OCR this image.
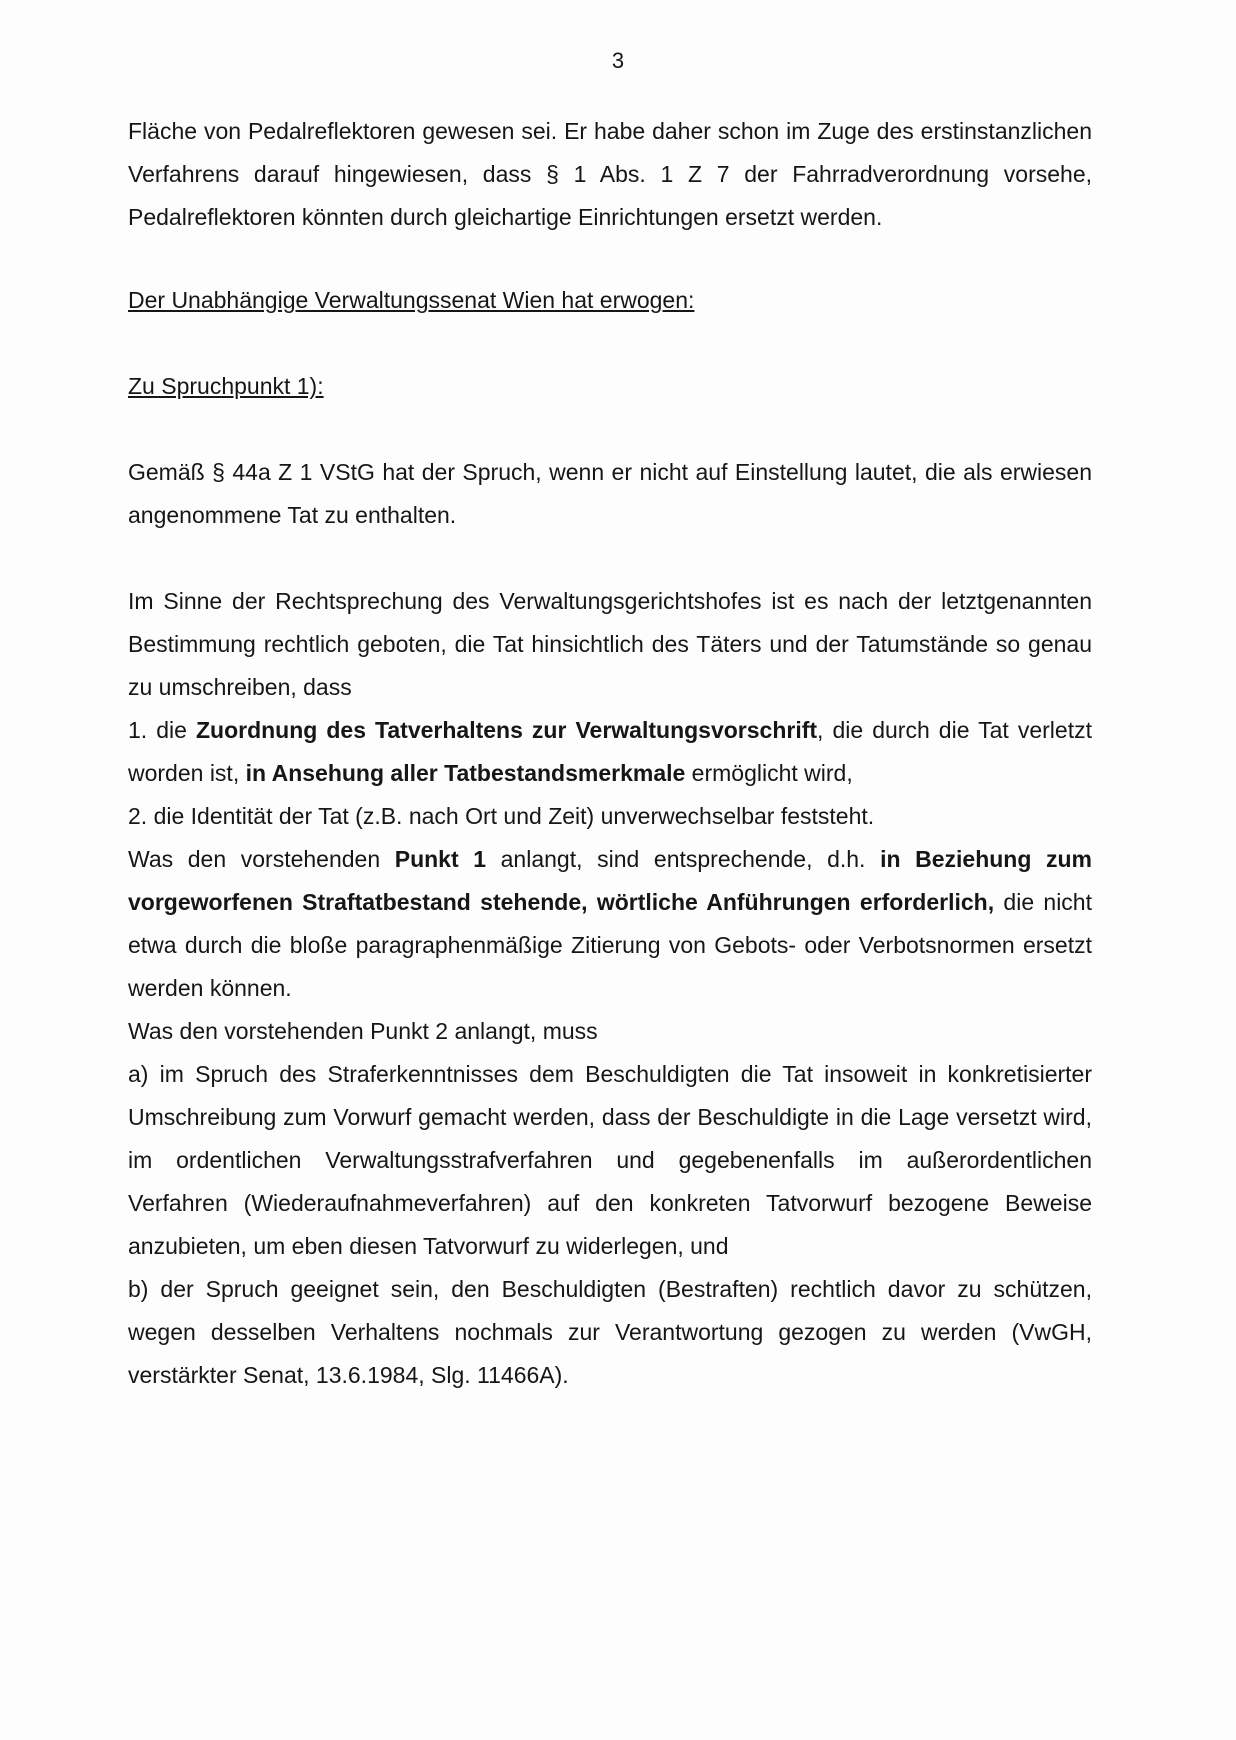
3

Fläche von Pedalreflektoren gewesen sei. Er habe daher schon im Zuge des erstinstanzlichen Verfahrens darauf hingewiesen, dass § 1 Abs. 1 Z 7 der Fahrradverordnung vorsehe, Pedalreflektoren könnten durch gleichartige Einrichtungen ersetzt werden.

Der Unabhängige Verwaltungssenat Wien hat erwogen:

Zu Spruchpunkt 1):

Gemäß § 44a Z 1 VStG hat der Spruch, wenn er nicht auf Einstellung lautet, die als erwiesen angenommene Tat zu enthalten.

Im Sinne der Rechtsprechung des Verwaltungsgerichtshofes ist es nach der letztgenannten Bestimmung rechtlich geboten, die Tat hinsichtlich des Täters und der Tatumstände so genau zu umschreiben, dass

1. die Zuordnung des Tatverhaltens zur Verwaltungsvorschrift, die durch die Tat verletzt worden ist, in Ansehung aller Tatbestandsmerkmale ermöglicht wird,

2. die Identität der Tat (z.B. nach Ort und Zeit) unverwechselbar feststeht.

Was den vorstehenden Punkt 1 anlangt, sind entsprechende, d.h. in Beziehung zum vorgeworfenen Straftatbestand stehende, wörtliche Anführungen erforderlich, die nicht etwa durch die bloße paragraphenmäßige Zitierung von Gebots- oder Verbotsnormen ersetzt werden können.

Was den vorstehenden Punkt 2 anlangt, muss

a) im Spruch des Straferkenntnisses dem Beschuldigten die Tat insoweit in konkretisierter Umschreibung zum Vorwurf gemacht werden, dass der Beschuldigte in die Lage versetzt wird, im ordentlichen Verwaltungsstrafverfahren und gegebenenfalls im außerordentlichen Verfahren (Wiederaufnahmeverfahren) auf den konkreten Tatvorwurf bezogene Beweise anzubieten, um eben diesen Tatvorwurf zu widerlegen, und

b) der Spruch geeignet sein, den Beschuldigten (Bestraften) rechtlich davor zu schützen, wegen desselben Verhaltens nochmals zur Verantwortung gezogen zu werden (VwGH, verstärkter Senat, 13.6.1984, Slg. 11466A).
